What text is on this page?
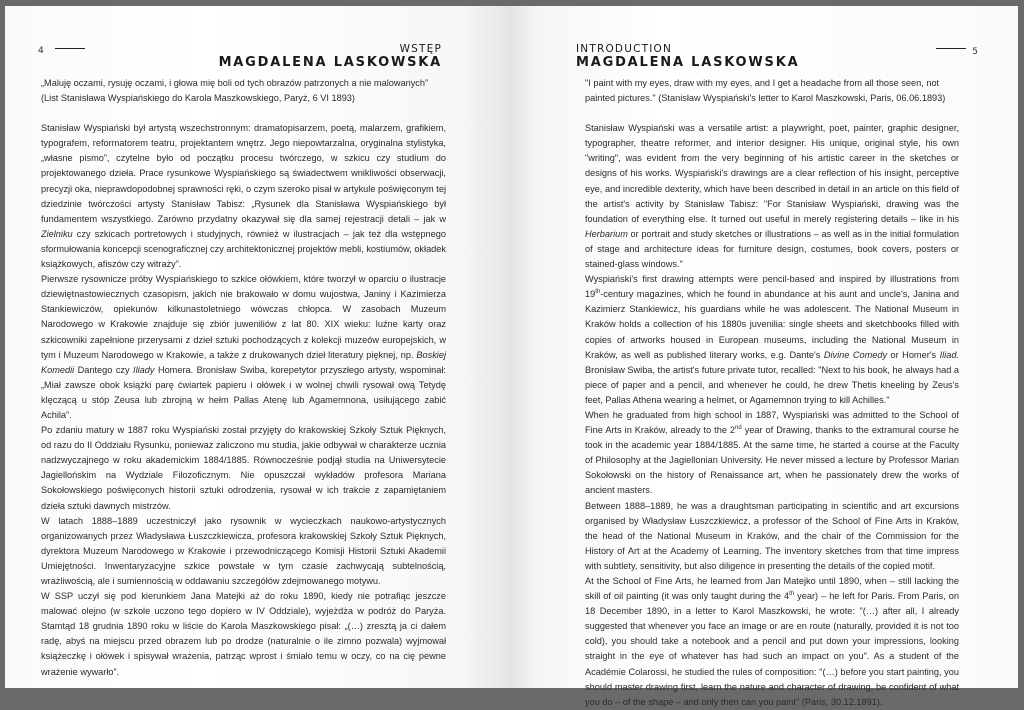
4	WSTĘP
MAGDALENA LASKOWSKA

„Maluję oczami, rysuję oczami, i głowa mię boli od tych obrazów patrzonych a nie malowanych” (List Stanisława Wyspiańskiego do Karola Maszkowskiego, Paryż, 6 VI 1893)

Stanisław Wyspiański był artystą wszechstronnym: dramatopisarzem, poetą, malarzem, grafikiem, typografem, reformatorem teatru, projektantem wnętrz. Jego niepowtarzalna, oryginalna stylistyka, „własne pismo”, czytelne było od początku procesu twórczego, w szkicu czy studium do projektowanego dzieła. Prace rysunkowe Wyspiańskiego są świadectwem wnikliwości obserwacji, precyzji oka, nieprawdopodobnej sprawności ręki, o czym szeroko pisał w artykule poświęconym tej dziedzinie twórczości artysty Stanisław Tabisz: „Rysunek dla Stanisława Wyspiańskiego był fundamentem wszystkiego. Zarówno przydatny okazywał się dla samej rejestracji detali – jak w Zielniku czy szkicach portretowych i studyjnych, również w ilustracjach – jak też dla wstępnego sformułowania koncepcji scenograficznej czy architektonicznej projektów mebli, kostiumów, okładek książkowych, afiszów czy witraży”.

Pierwsze rysownicze próby Wyspiańskiego to szkice ołówkiem, które tworzył w oparciu o ilustracje dziewiętnastowiecznych czasopism, jakich nie brakowało w domu wujostwa, Janiny i Kazimierza Stankiewiczów, opiekunów kilkunastoletniego wówczas chłopca. W zasobach Muzeum Narodowego w Krakowie znajduje się zbiór juweniliów z lat 80. XIX wieku: luźne karty oraz szkicowniki zapełnione przerysami z dzieł sztuki pochodzących z kolekcji muzeów europejskich, w tym i Muzeum Narodowego w Krakowie, a także z drukowanych dzieł literatury pięknej, np. Boskiej Komedii Dantego czy Iliady Homera. Bronisław Swiba, korepetytor przyszłego artysty, wspominał: „Miał zawsze obok książki parę ćwiartek papieru i ołówek i w wolnej chwili rysował ową Tetydę klęczącą u stóp Zeusa lub zbrojną w hełm Pallas Atenę lub Agamemnona, usiłującego zabić Achila”.

Po zdaniu matury w 1887 roku Wyspiański został przyjęty do krakowskiej Szkoły Sztuk Pięknych, od razu do II Oddziału Rysunku, ponieważ zaliczono mu studia, jakie odbywał w charakterze ucznia nadzwyczajnego w roku akademickim 1884/1885. Równocześnie podjął studia na Uniwersytecie Jagiellońskim na Wydziale Filozoficznym. Nie opuszczał wykładów profesora Mariana Sokołowskiego poświęconych historii sztuki odrodzenia, rysował w ich trakcie z zapamiętaniem dzieła sztuki dawnych mistrzów.

W latach 1888–1889 uczestniczył jako rysownik w wycieczkach naukowo-artystycznych organizowanych przez Władysława Łuszczkiewicza, profesora krakowskiej Szkoły Sztuk Pięknych, dyrektora Muzeum Narodowego w Krakowie i przewodniczącego Komisji Historii Sztuki Akademii Umiejętności. Inwentaryzacyjne szkice powstałe w tym czasie zachwycają subtelnością, wrażliwością, ale i sumiennością w oddawaniu szczegółów zdejmowanego motywu.

W SSP uczył się pod kierunkiem Jana Matejki aż do roku 1890, kiedy nie potrafiąc jeszcze malować olejno (w szkole uczono tego dopiero w IV Oddziale), wyjeżdża w podróż do Paryża. Stamtąd 18 grudnia 1890 roku w liście do Karola Maszkowskiego pisał: „(…) zresztą ja ci dałem radę, abyś na miejscu przed obrazem lub po drodze (naturalnie o ile zimno pozwala) wyjmował książeczkę i ołówek i spisywał wrażenia, patrząc wprost i śmiało temu w oczy, co na cię pewne wrażenie wywarło”.

5
INTRODUCTION
MAGDALENA LASKOWSKA

"I paint with my eyes, draw with my eyes, and I get a headache from all those seen, not painted pictures." (Stanisław Wyspiański's letter to Karol Maszkowski, Paris, 06.06.1893)

Stanisław Wyspiański was a versatile artist: a playwright, poet, painter, graphic designer, typographer, theatre reformer, and interior designer. His unique, original style, his own "writing", was evident from the very beginning of his artistic career in the sketches or designs of his works. Wyspiański's drawings are a clear reflection of his insight, perceptive eye, and incredible dexterity, which have been described in detail in an article on this field of the artist's activity by Stanisław Tabisz: "For Stanisław Wyspiański, drawing was the foundation of everything else. It turned out useful in merely registering details – like in his Herbarium or portrait and study sketches or illustrations – as well as in the initial formulation of stage and architecture ideas for furniture design, costumes, book covers, posters or stained-glass windows."

Wyspiański's first drawing attempts were pencil-based and inspired by illustrations from 19th-century magazines, which he found in abundance at his aunt and uncle's, Janina and Kazimierz Stankiewicz, his guardians while he was adolescent. The National Museum in Kraków holds a collection of his 1880s juvenilia: single sheets and sketchbooks filled with copies of artworks housed in European museums, including the National Museum in Kraków, as well as published literary works, e.g. Dante's Divine Comedy or Homer's Iliad. Bronisław Swiba, the artist's future private tutor, recalled: "Next to his book, he always had a piece of paper and a pencil, and whenever he could, he drew Thetis kneeling by Zeus's feet, Pallas Athena wearing a helmet, or Agamemnon trying to kill Achilles."

When he graduated from high school in 1887, Wyspiański was admitted to the School of Fine Arts in Kraków, already to the 2nd year of Drawing, thanks to the extramural course he took in the academic year 1884/1885. At the same time, he started a course at the Faculty of Philosophy at the Jagiellonian University. He never missed a lecture by Professor Marian Sokołowski on the history of Renaissance art, when he passionately drew the works of ancient masters.

Between 1888–1889, he was a draughtsman participating in scientific and art excursions organised by Władysław Łuszczkiewicz, a professor of the School of Fine Arts in Kraków, the head of the National Museum in Kraków, and the chair of the Commission for the History of Art at the Academy of Learning. The inventory sketches from that time impress with subtlety, sensitivity, but also diligence in presenting the details of the copied motif.

At the School of Fine Arts, he learned from Jan Matejko until 1890, when – still lacking the skill of oil painting (it was only taught during the 4th year) – he left for Paris. From Paris, on 18 December 1890, in a letter to Karol Maszkowski, he wrote: "(…) after all, I already suggested that whenever you face an image or are en route (naturally, provided it is not too cold), you should take a notebook and a pencil and put down your impressions, looking straight in the eye of whatever has had such an impact on you". As a student of the Académie Colarossi, he studied the rules of composition: "(…) before you start painting, you should master drawing first, learn the nature and character of drawing, be confident of what you do – of the shape – and only then can you paint" (Paris, 30.12.1891).
